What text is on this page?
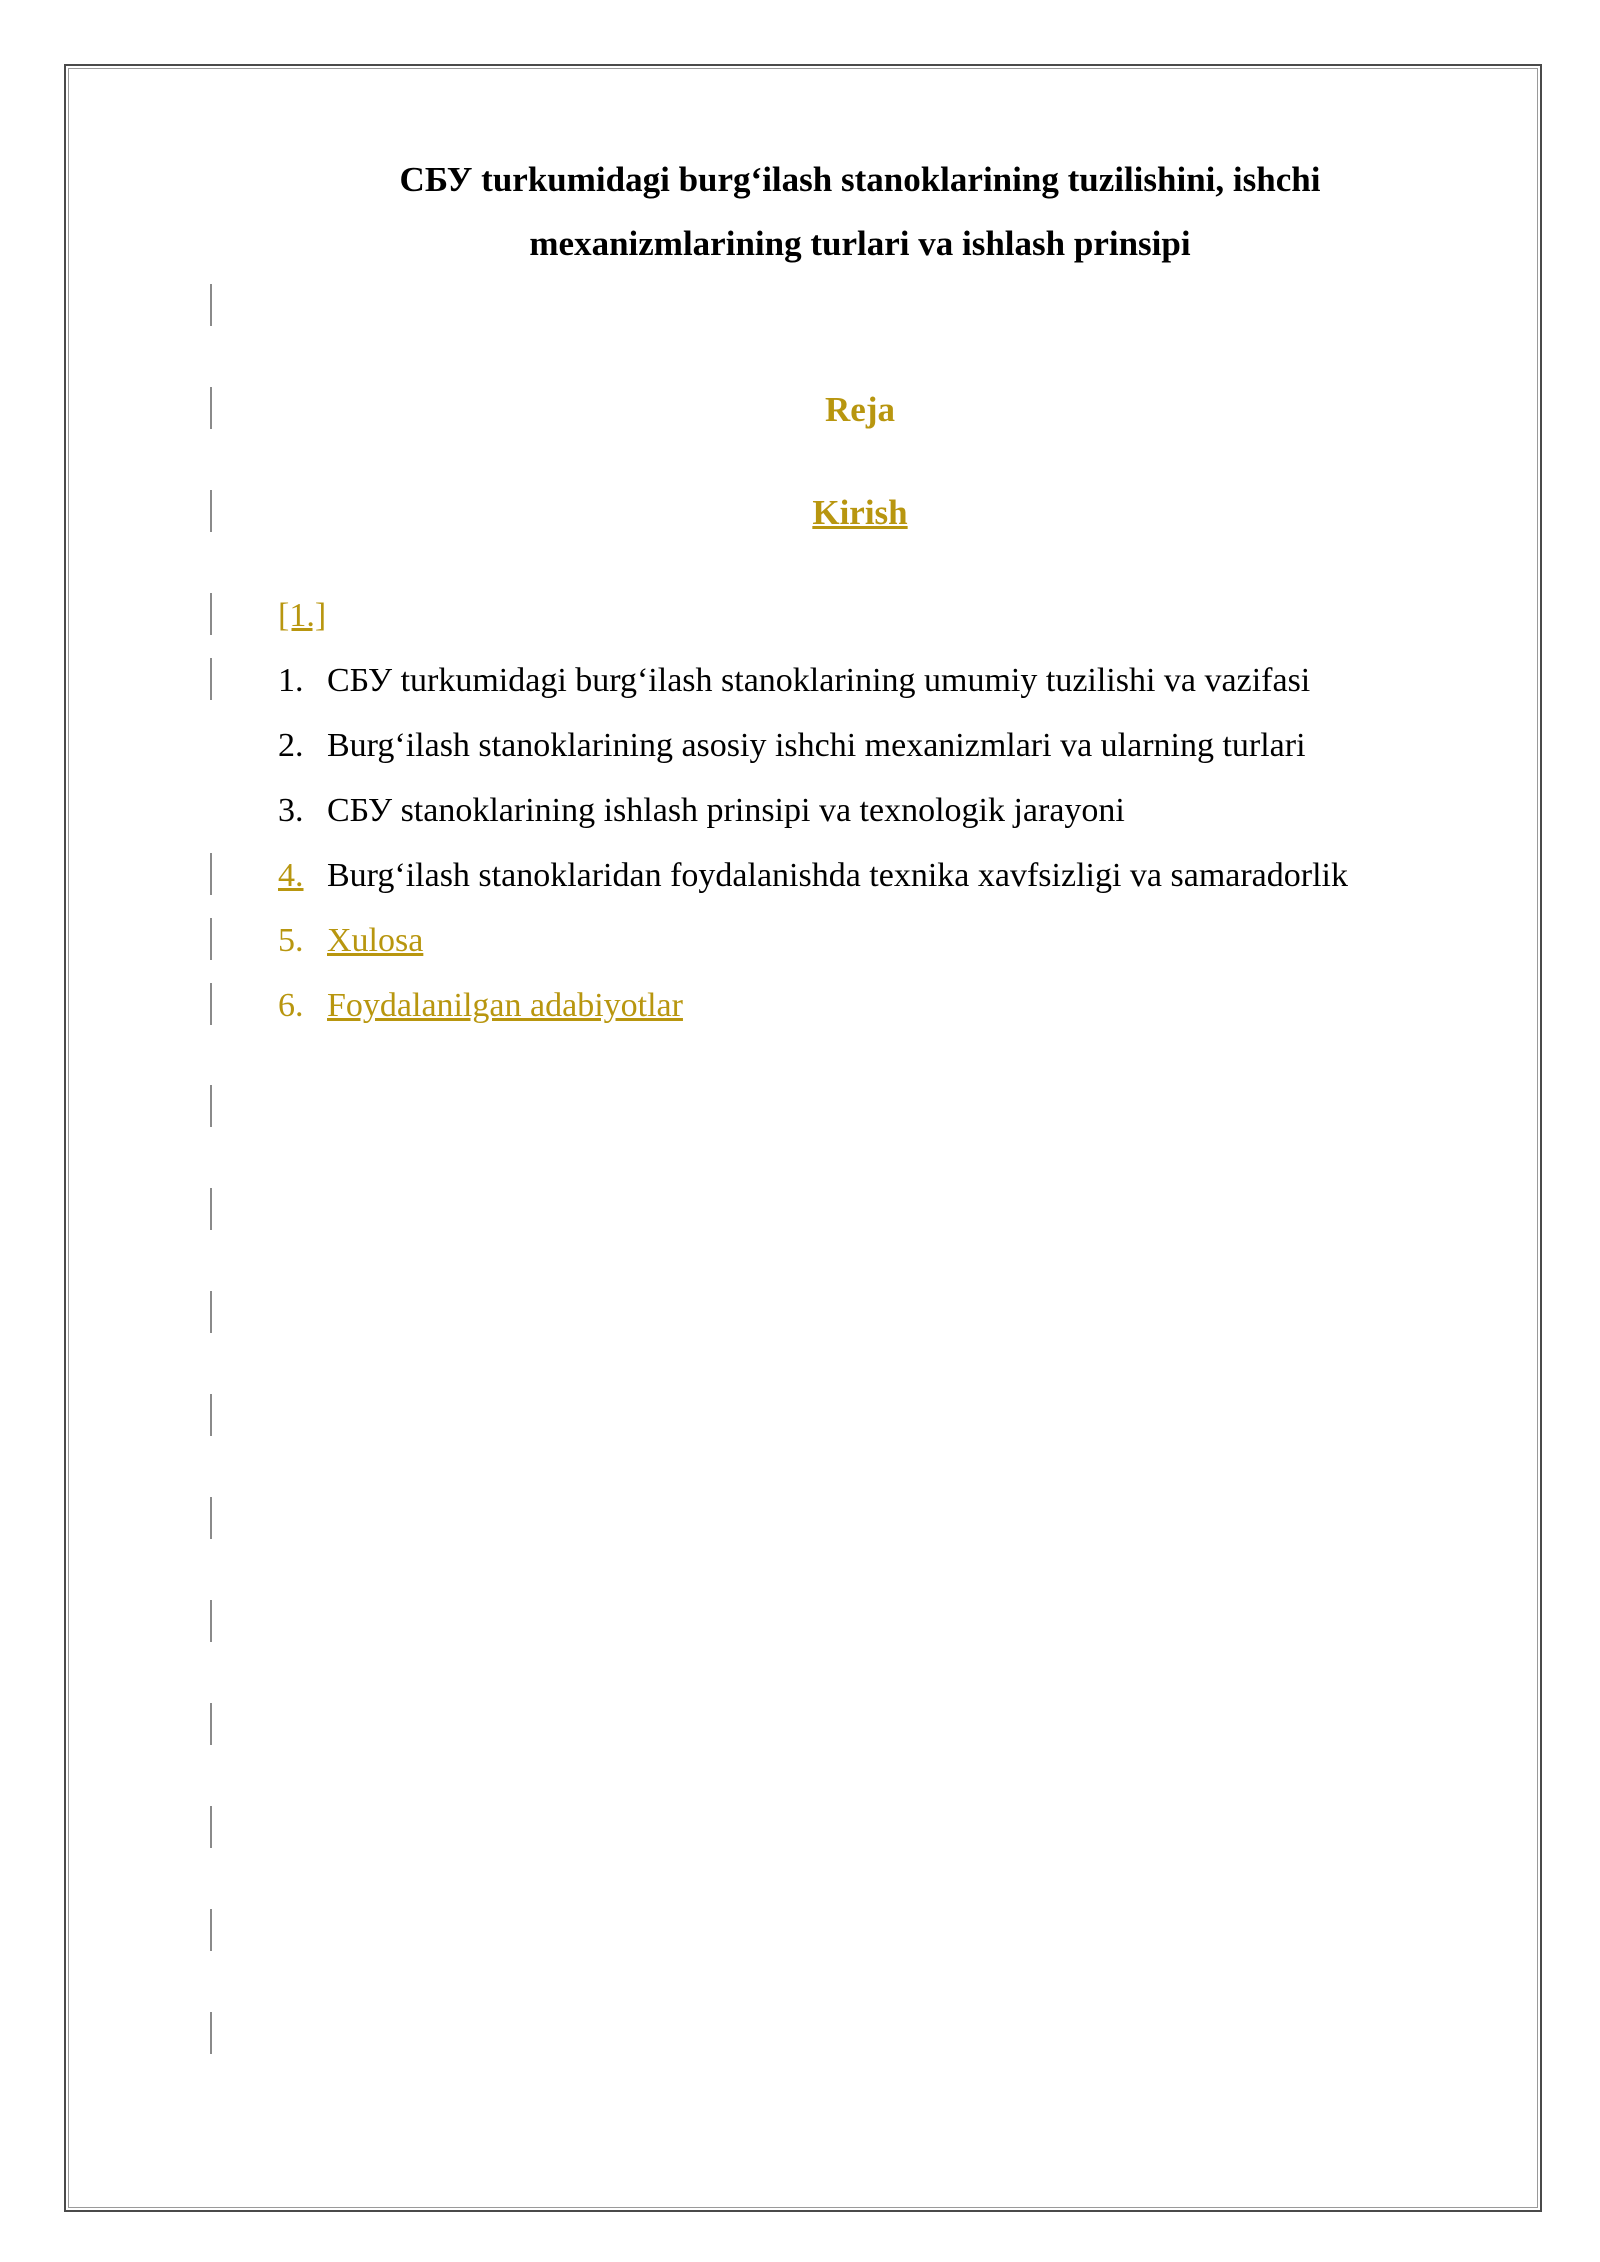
СБУ turkumidagi burg‘ilash stanoklarining tuzilishini, ishchi
mexanizmlarining turlari va ishlash prinsipi
Reja
Kirish
[1.]
1. СБУ turkumidagi burg‘ilash stanoklarining umumiy tuzilishi va vazifasi
2. Burg‘ilash stanoklarining asosiy ishchi mexanizmlari va ularning turlari
3. СБУ stanoklarining ishlash prinsipi va texnologik jarayoni
4.Burg‘ilash stanoklaridan foydalanishda texnika xavfsizligi va samaradorlik
5. Xulosa
6. Foydalanilgan adabiyotlar
